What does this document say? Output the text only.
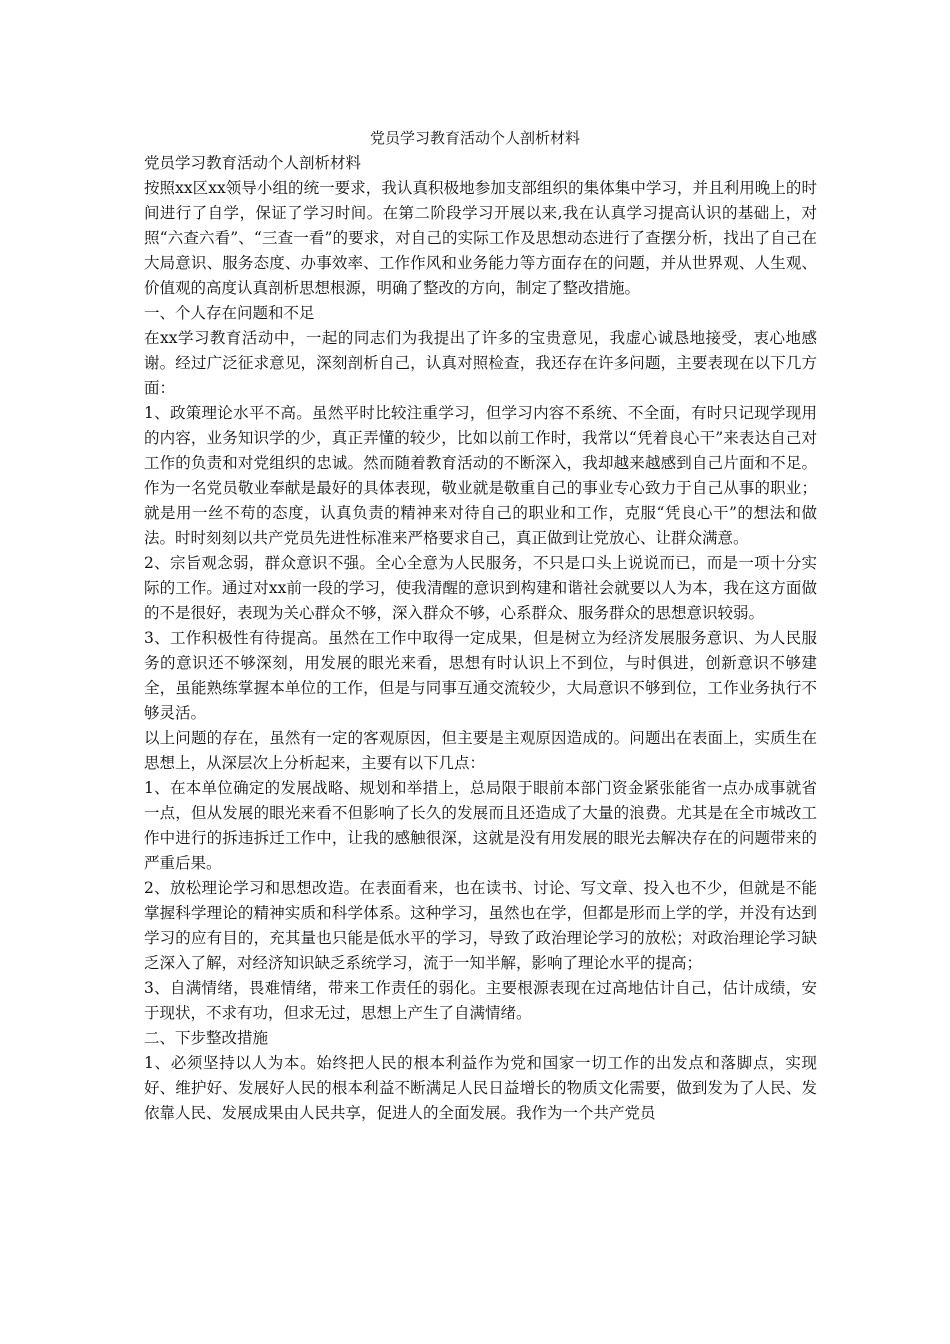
党员学习教育活动个人剖析材料

党员学习教育活动个人剖析材料

按照xx区xx领导小组的统一要求，我认真积极地参加支部组织的集体集中学习，并且利用晚上的时间进行了自学，保证了学习时间。在第二阶段学习开展以来,我在认真学习提高认识的基础上，对照“六查六看”、“三查一看”的要求，对自己的实际工作及思想动态进行了查摆分析，找出了自己在大局意识、服务态度、办事效率、工作作风和业务能力等方面存在的问题，并从世界观、人生观、价值观的高度认真剖析思想根源，明确了整改的方向，制定了整改措施。

一、个人存在问题和不足

在xx学习教育活动中，一起的同志们为我提出了许多的宝贵意见，我虚心诚恳地接受，衷心地感谢。经过广泛征求意见，深刻剖析自己，认真对照检查，我还存在许多问题，主要表现在以下几方面：

1、政策理论水平不高。虽然平时比较注重学习，但学习内容不系统、不全面，有时只记现学现用的内容，业务知识学的少，真正弄懂的较少，比如以前工作时，我常以“凭着良心干”来表达自己对工作的负责和对党组织的忠诚。然而随着教育活动的不断深入，我却越来越感到自己片面和不足。作为一名党员敬业奉献是最好的具体表现，敬业就是敬重自己的事业专心致力于自己从事的职业；就是用一丝不苟的态度，认真负责的精神来对待自己的职业和工作，克服“凭良心干”的想法和做法。时时刻刻以共产党员先进性标准来严格要求自己，真正做到让党放心、让群众满意。

2、宗旨观念弱，群众意识不强。全心全意为人民服务，不只是口头上说说而已，而是一项十分实际的工作。通过对xx前一段的学习，使我清醒的意识到构建和谐社会就要以人为本，我在这方面做的不是很好，表现为关心群众不够，深入群众不够，心系群众、服务群众的思想意识较弱。

3、工作积极性有待提高。虽然在工作中取得一定成果，但是树立为经济发展服务意识、为人民服务的意识还不够深刻，用发展的眼光来看，思想有时认识上不到位，与时俱进，创新意识不够建全，虽能熟练掌握本单位的工作，但是与同事互通交流较少，大局意识不够到位，工作业务执行不够灵活。

以上问题的存在，虽然有一定的客观原因，但主要是主观原因造成的。问题出在表面上，实质生在思想上，从深层次上分析起来，主要有以下几点：

1、在本单位确定的发展战略、规划和举措上，总局限于眼前本部门资金紧张能省一点办成事就省一点，但从发展的眼光来看不但影响了长久的发展而且还造成了大量的浪费。尤其是在全市城改工作中进行的拆违拆迁工作中，让我的感触很深，这就是没有用发展的眼光去解决存在的问题带来的严重后果。

2、放松理论学习和思想改造。在表面看来，也在读书、讨论、写文章、投入也不少，但就是不能掌握科学理论的精神实质和科学体系。这种学习，虽然也在学，但都是形而上学的学，并没有达到学习的应有目的，充其量也只能是低水平的学习，导致了政治理论学习的放松；对政治理论学习缺乏深入了解，对经济知识缺乏系统学习，流于一知半解，影响了理论水平的提高；

3、自满情绪，畏难情绪，带来工作责任的弱化。主要根源表现在过高地估计自己，估计成绩，安于现状，不求有功，但求无过，思想上产生了自满情绪。

二、下步整改措施

1、必须坚持以人为本。始终把人民的根本利益作为党和国家一切工作的出发点和落脚点，实现好、维护好、发展好人民的根本利益不断满足人民日益增长的物质文化需要，做到发为了人民、发依靠人民、发展成果由人民共享，促进人的全面发展。我作为一个共产党员
